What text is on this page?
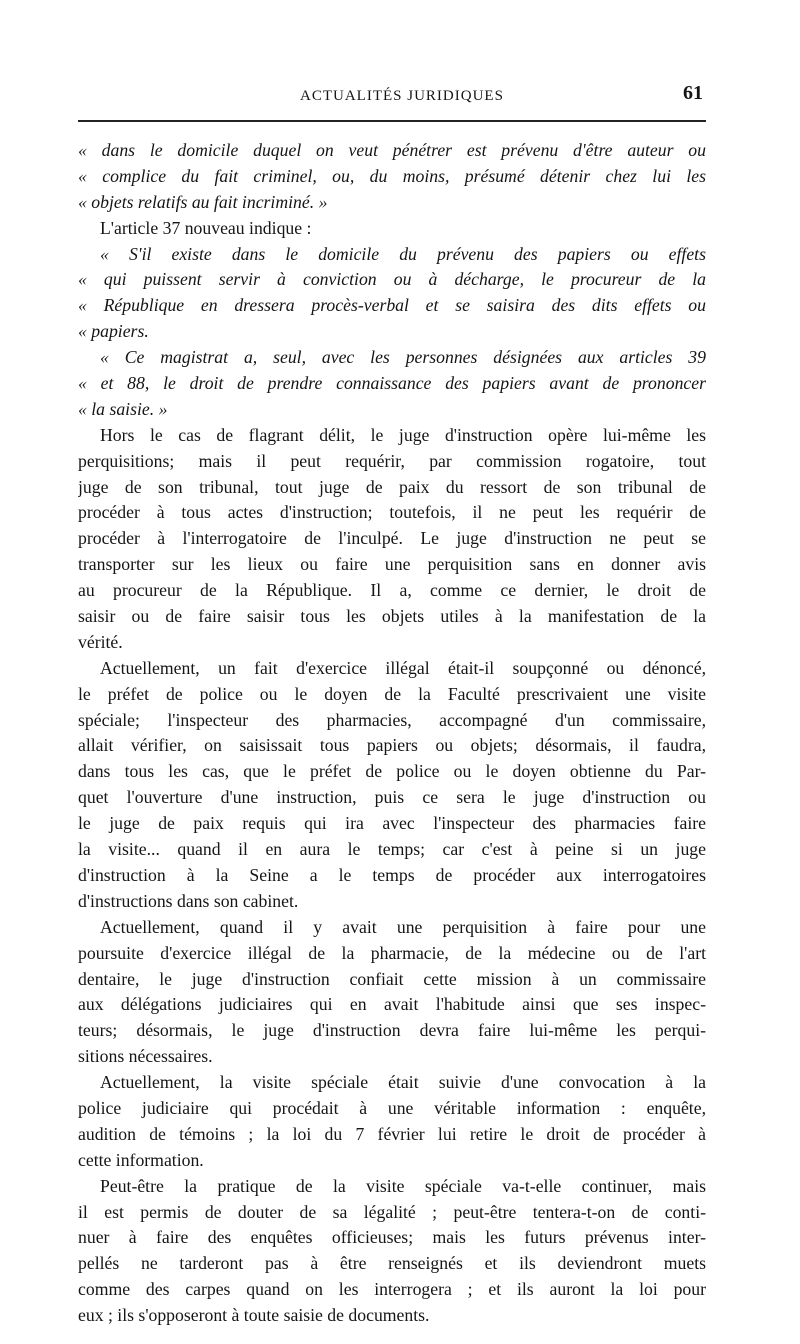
ACTUALITÉS JURIDIQUES	61
« dans le domicile duquel on veut pénétrer est prévenu d'être auteur ou
« complice du fait criminel, ou, du moins, présumé détenir chez lui les
« objets relatifs au fait incriminé. »
L'article 37 nouveau indique :
« S'il existe dans le domicile du prévenu des papiers ou effets
« qui puissent servir à conviction ou à décharge, le procureur de la
« République en dressera procès-verbal et se saisira des dits effets ou
« papiers.
« Ce magistrat a, seul, avec les personnes désignées aux articles 39
« et 88, le droit de prendre connaissance des papiers avant de prononcer
« la saisie. »
Hors le cas de flagrant délit, le juge d'instruction opère lui-même les
perquisitions; mais il peut requérir, par commission rogatoire, tout
juge de son tribunal, tout juge de paix du ressort de son tribunal de
procéder à tous actes d'instruction; toutefois, il ne peut les requérir de
procéder à l'interrogatoire de l'inculpé. Le juge d'instruction ne peut se
transporter sur les lieux ou faire une perquisition sans en donner avis
au procureur de la République. Il a, comme ce dernier, le droit de
saisir ou de faire saisir tous les objets utiles à la manifestation de la
vérité.
Actuellement, un fait d'exercice illégal était-il soupçonné ou dénoncé,
le préfet de police ou le doyen de la Faculté prescrivaient une visite
spéciale; l'inspecteur des pharmacies, accompagné d'un commissaire,
allait vérifier, on saisissait tous papiers ou objets; désormais, il faudra,
dans tous les cas, que le préfet de police ou le doyen obtienne du Par-
quet l'ouverture d'une instruction, puis ce sera le juge d'instruction ou
le juge de paix requis qui ira avec l'inspecteur des pharmacies faire
la visite... quand il en aura le temps; car c'est à peine si un juge
d'instruction à la Seine a le temps de procéder aux interrogatoires
d'instructions dans son cabinet.
Actuellement, quand il y avait une perquisition à faire pour une
poursuite d'exercice illégal de la pharmacie, de la médecine ou de l'art
dentaire, le juge d'instruction confiait cette mission à un commissaire
aux délégations judiciaires qui en avait l'habitude ainsi que ses inspec-
teurs; désormais, le juge d'instruction devra faire lui-même les perqui-
sitions nécessaires.
Actuellement, la visite spéciale était suivie d'une convocation à la
police judiciaire qui procédait à une véritable information : enquête,
audition de témoins ; la loi du 7 février lui retire le droit de procéder à
cette information.
Peut-être la pratique de la visite spéciale va-t-elle continuer, mais
il est permis de douter de sa légalité ; peut-être tentera-t-on de conti-
nuer à faire des enquêtes officieuses; mais les futurs prévenus inter-
pellés ne tarderont pas à être renseignés et ils deviendront muets
comme des carpes quand on les interrogera ; et ils auront la loi pour
eux ; ils s'opposeront à toute saisie de documents.
